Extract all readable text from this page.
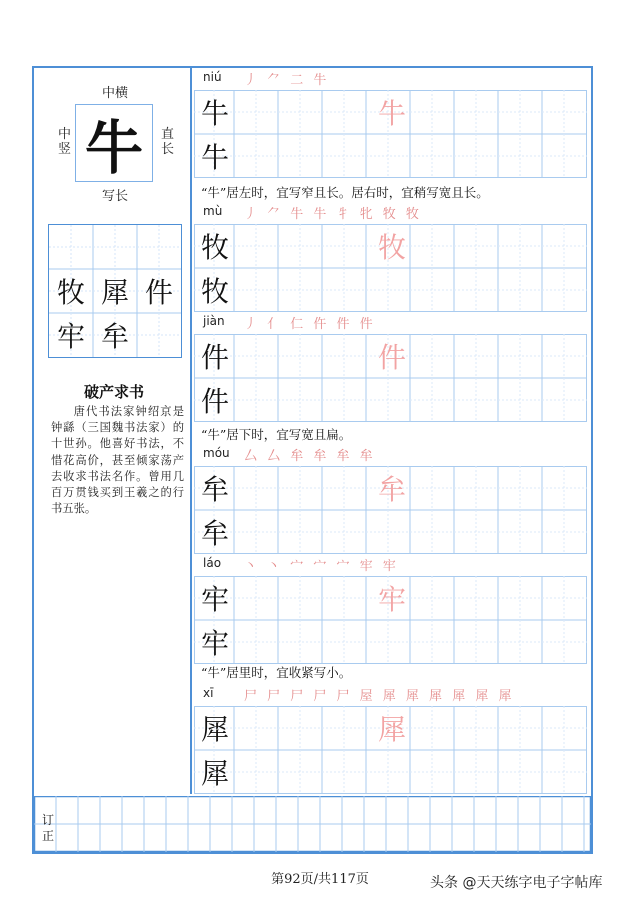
中横
中竖
直长
写长
牛
牧 犀 件
牢 牟
破产求书

唐代书法家钟绍京是钟繇（三国魏书法家）的十世孙。他喜好书法，不惜花高价，甚至倾家荡产去收求书法名作。曾用几百万贯钱买到王羲之的行书五张。

niú 丿 ⺈ 二 牛
牛
牛
牛
“牛”居左时，宜写窄且长。居右时，宜稍写宽且长。
mù 丿 ⺈ 牛 牛 牜 牝 牧 牧
牧
牧
牧
jiàn 丿 亻 仁 仵 件 件
件
件
件
“牛”居下时，宜写宽且扁。
móu 厶 厶 牟 牟 牟 牟
牟
牟
牟
láo 丶 丶 宀 宀 宀 牢 牢
牢
牢
牢
“牛”居里时，宜收紧写小。
xī 尸 尸 尸 尸 尸 屋 犀 犀 犀 犀 犀 犀
犀
犀
犀
订正
第92页/共117页	头条 @天天练字电子字帖库
